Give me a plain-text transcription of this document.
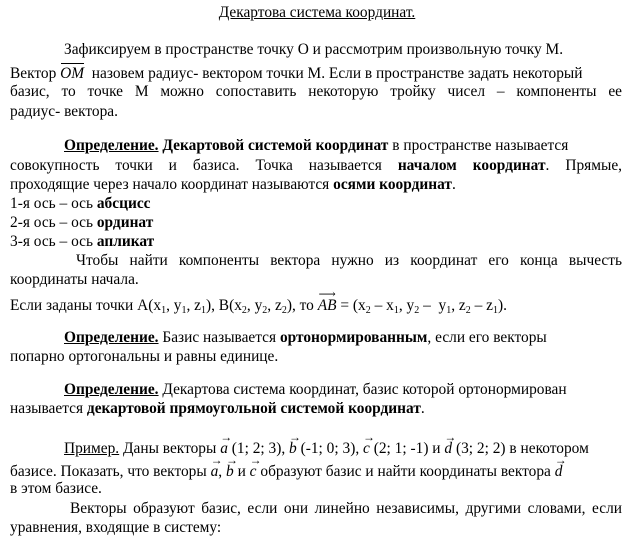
Декартова система координат.
Зафиксируем в пространстве точку О и рассмотрим произвольную точку М.
Вектор OM назовем радиус- вектором точки М. Если в пространстве задать некоторый
базис, то точке М можно сопоставить некоторую тройку чисел – компоненты ее
радиус- вектора.
Определение. Декартовой системой координат в пространстве называется
совокупность точки и базиса. Точка называется началом координат. Прямые,
проходящие через начало координат называются осями координат.
1-я ось – ось абсцисс
2-я ось – ось ординат
3-я ось – ось апликат
Чтобы найти компоненты вектора нужно из координат его конца вычесть
координаты начала.
Если заданы точки $А(x_1$, $y_1$, $z_1$), $B(x_2$, $y_2$, $z_2$), то AB ⟶ = ($x_2 - x_1$, $y_2 - y_1$, $z_2 - z_1$).
Определение. Базис называется ортонормированным, если его векторы
попарно ортогональны и равны единице.
Определение. Декартова система координат, базис которой ортонормирован
называется декартовой прямоугольной системой координат.
Пример. Даны векторы a → (1; 2; 3), b → (-1; 0; 3), c → (2; 1; -1) и d → (3; 2; 2) в некотором
базисе. Показать, что векторы a →, b → и c → образуют базис и найти координаты вектора d →
в этом базисе.
Векторы образуют базис, если они линейно независимы, другими словами, если
уравнения, входящие в систему:
